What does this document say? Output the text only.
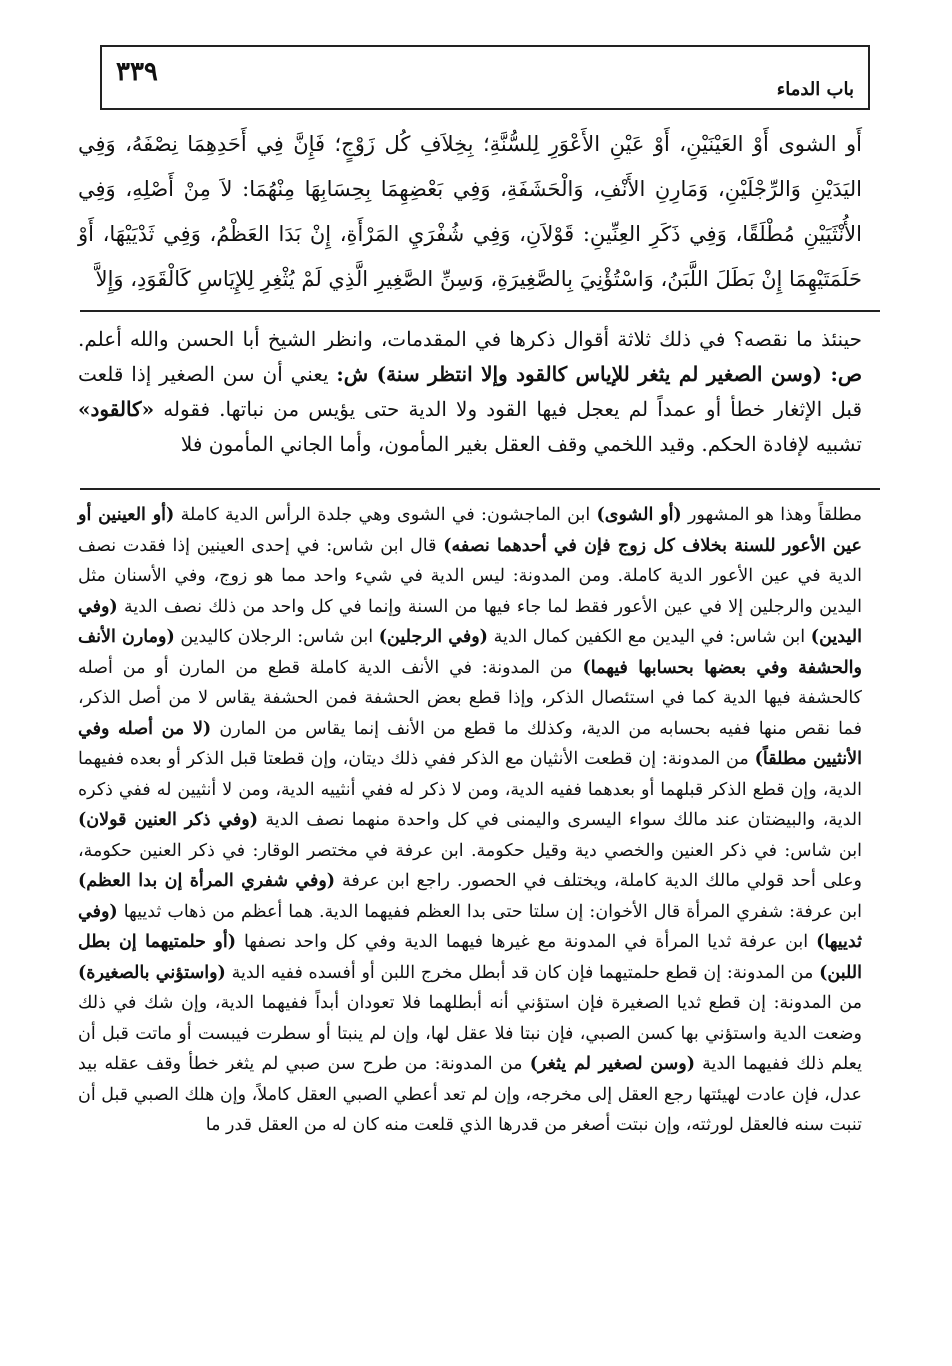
٣٣٩
باب الدماء

أَو الشوى أَوْ العَيْنَيْنِ، أَوْ عَيْنِ الأَعْوَرِ لِلسُّنَّةِ؛ بِخِلاَفِ كُل زَوْجٍ؛ فَإِنَّ فِي أَحَدِهِمَا نِصْفَهُ، وَفِي اليَدَيْنِ وَالرِّجْلَيْنِ، وَمَارِنِ الأَنْفِ، وَالْحَشَفَةِ، وَفِي بَعْضِهِمَا بِحِسَابِهَا مِنْهُمَا: لاَ مِنْ أَصْلِهِ، وَفِي الأُنْثَيَيْنِ مُطْلَقًا، وَفِي ذَكَرِ العِنِّينِ: قَوْلاَنِ، وَفِي شُفْرَيِ المَرْأَةِ، إِنْ بَدَا العَظْمُ، وَفِي ثَدْيَيْهَا، أَوْ حَلَمَتَيْهِمَا إِنْ بَطَلَ اللَّبَنُ، وَاسْتُؤْنِيَ بِالصَّغِيرَةِ، وَسِنِّ الصَّغِيرِ الَّذِي لَمْ يُثْغِرِ لِلإِيَاسِ كَالْقَوَدِ، وَإِلاَّ

حينئذ ما نقصه؟ في ذلك ثلاثة أقوال ذكرها في المقدمات، وانظر الشيخ أبا الحسن والله أعلم. ص: (وسن الصغير لم يثغر للإياس كالقود وإلا انتظر سنة) ش: يعني أن سن الصغير إذا قلعت قبل الإثغار خطأ أو عمداً لم يعجل فيها القود ولا الدية حتى يؤيس من نباتها. فقوله «كالقود» تشبيه لإفادة الحكم. وقيد اللخمي وقف العقل بغير المأمون، وأما الجاني المأمون فلا

مطلقاً وهذا هو المشهور (أو الشوى) ابن الماجشون: في الشوى وهي جلدة الرأس الدية كاملة (أو العينين أو عين الأعور للسنة بخلاف كل زوج فإن في أحدهما نصفه) قال ابن شاس: في إحدى العينين إذا فقدت نصف الدية في عين الأعور الدية كاملة. ومن المدونة: ليس الدية في شيء واحد مما هو زوج، وفي الأسنان مثل اليدين والرجلين إلا في عين الأعور فقط لما جاء فيها من السنة وإنما في كل واحد من ذلك نصف الدية (وفي اليدين) ابن شاس: في اليدين مع الكفين كمال الدية (وفي الرجلين) ابن شاس: الرجلان كاليدين (ومارن الأنف والحشفة وفي بعضها بحسابها فيهما) من المدونة: في الأنف الدية كاملة قطع من المارن أو من أصله كالحشفة فيها الدية كما في استئصال الذكر، وإذا قطع بعض الحشفة فمن الحشفة يقاس لا من أصل الذكر، فما نقص منها ففيه بحسابه من الدية، وكذلك ما قطع من الأنف إنما يقاس من المارن (لا من أصله وفي الأنثيين مطلقاً) من المدونة: إن قطعت الأنثيان مع الذكر ففي ذلك ديتان، وإن قطعتا قبل الذكر أو بعده ففيهما الدية، وإن قطع الذكر قبلهما أو بعدهما ففيه الدية، ومن لا ذكر له ففي أنثييه الدية، ومن لا أنثيين له ففي ذكره الدية، والبيضتان عند مالك سواء اليسرى واليمنى في كل واحدة منهما نصف الدية (وفي ذكر العنين قولان) ابن شاس: في ذكر العنين والخصي دية وقيل حكومة. ابن عرفة في مختصر الوقار: في ذكر العنين حكومة، وعلى أحد قولي مالك الدية كاملة، ويختلف في الحصور. راجع ابن عرفة (وفي شفري المرأة إن بدا العظم) ابن عرفة: شفري المرأة قال الأخوان: إن سلتا حتى بدا العظم ففيهما الدية. هما أعظم من ذهاب ثدييها (وفي ثدييها) ابن عرفة ثديا المرأة في المدونة مع غيرها فيهما الدية وفي كل واحد نصفها (أو حلمتيهما إن بطل اللبن) من المدونة: إن قطع حلمتيهما فإن كان قد أبطل مخرج اللبن أو أفسده ففيه الدية (واستؤني بالصغيرة) من المدونة: إن قطع ثديا الصغيرة فإن استؤني أنه أبطلهما فلا تعودان أبداً ففيهما الدية، وإن شك في ذلك وضعت الدية واستؤني بها كسن الصبي، فإن نبتا فلا عقل لها، وإن لم ينبتا أو سطرت فيبست أو ماتت قبل أن يعلم ذلك ففيهما الدية (وسن لصغير لم يثغر) من المدونة: من طرح سن صبي لم يثغر خطأ وقف عقله بيد عدل، فإن عادت لهيئتها رجع العقل إلى مخرجه، وإن لم تعد أعطي الصبي العقل كاملاً، وإن هلك الصبي قبل أن تنبت سنه فالعقل لورثته، وإن نبتت أصغر من قدرها الذي قلعت منه كان له من العقل قدر ما
